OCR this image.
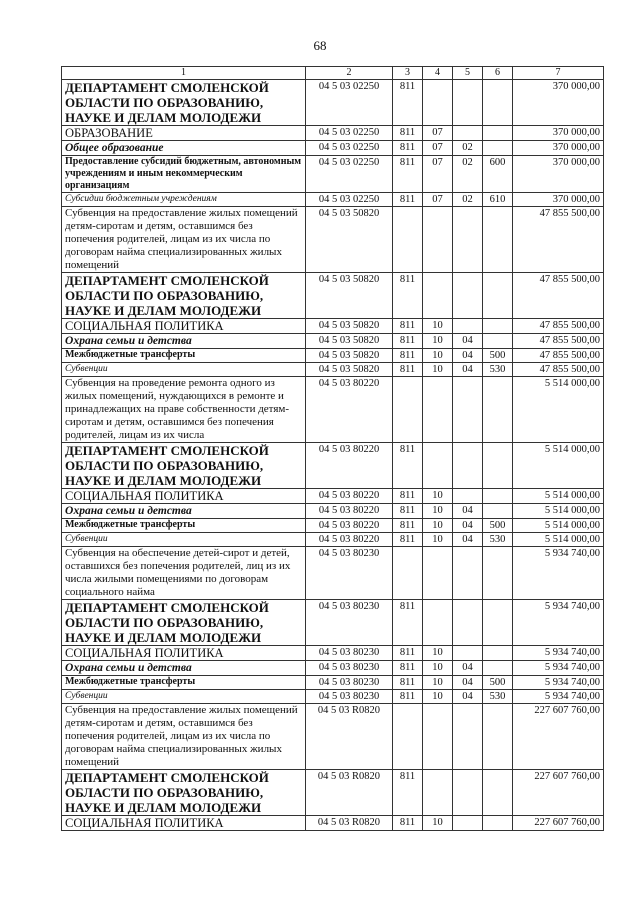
68
1	2	3	4	5	6	7
ДЕПАРТАМЕНТ СМОЛЕНСКОЙ ОБЛАСТИ ПО ОБРАЗОВАНИЮ, НАУКЕ И ДЕЛАМ МОЛОДЕЖИ	04 5 03 02250	811				370 000,00
ОБРАЗОВАНИЕ	04 5 03 02250	811	07			370 000,00
Общее образование	04 5 03 02250	811	07	02		370 000,00
Предоставление субсидий бюджетным, автономным учреждениям и иным некоммерческим организациям	04 5 03 02250	811	07	02	600	370 000,00
Субсидии бюджетным учреждениям	04 5 03 02250	811	07	02	610	370 000,00
Субвенция на предоставление жилых помещений детям-сиротам и детям, оставшимся без попечения родителей, лицам из их числа по договорам найма специализированных жилых помещений	04 5 03 50820					47 855 500,00
ДЕПАРТАМЕНТ СМОЛЕНСКОЙ ОБЛАСТИ ПО ОБРАЗОВАНИЮ, НАУКЕ И ДЕЛАМ МОЛОДЕЖИ	04 5 03 50820	811				47 855 500,00
СОЦИАЛЬНАЯ ПОЛИТИКА	04 5 03 50820	811	10			47 855 500,00
Охрана семьи и детства	04 5 03 50820	811	10	04		47 855 500,00
Межбюджетные трансферты	04 5 03 50820	811	10	04	500	47 855 500,00
Субвенции	04 5 03 50820	811	10	04	530	47 855 500,00
Субвенция на проведение ремонта одного из жилых помещений, нуждающихся в ремонте и принадлежащих на праве собственности детям-сиротам и детям, оставшимся без попечения родителей, лицам из их числа	04 5 03 80220					5 514 000,00
ДЕПАРТАМЕНТ СМОЛЕНСКОЙ ОБЛАСТИ ПО ОБРАЗОВАНИЮ, НАУКЕ И ДЕЛАМ МОЛОДЕЖИ	04 5 03 80220	811				5 514 000,00
СОЦИАЛЬНАЯ ПОЛИТИКА	04 5 03 80220	811	10			5 514 000,00
Охрана семьи и детства	04 5 03 80220	811	10	04		5 514 000,00
Межбюджетные трансферты	04 5 03 80220	811	10	04	500	5 514 000,00
Субвенции	04 5 03 80220	811	10	04	530	5 514 000,00
Субвенция на обеспечение детей-сирот и детей, оставшихся без попечения родителей, лиц из их числа жилыми помещениями по договорам социального найма	04 5 03 80230					5 934 740,00
ДЕПАРТАМЕНТ СМОЛЕНСКОЙ ОБЛАСТИ ПО ОБРАЗОВАНИЮ, НАУКЕ И ДЕЛАМ МОЛОДЕЖИ	04 5 03 80230	811				5 934 740,00
СОЦИАЛЬНАЯ ПОЛИТИКА	04 5 03 80230	811	10			5 934 740,00
Охрана семьи и детства	04 5 03 80230	811	10	04		5 934 740,00
Межбюджетные трансферты	04 5 03 80230	811	10	04	500	5 934 740,00
Субвенции	04 5 03 80230	811	10	04	530	5 934 740,00
Субвенция на предоставление жилых помещений детям-сиротам и детям, оставшимся без попечения родителей, лицам из их числа по договорам найма специализированных жилых помещений	04 5 03 R0820					227 607 760,00
ДЕПАРТАМЕНТ СМОЛЕНСКОЙ ОБЛАСТИ ПО ОБРАЗОВАНИЮ, НАУКЕ И ДЕЛАМ МОЛОДЕЖИ	04 5 03 R0820	811				227 607 760,00
СОЦИАЛЬНАЯ ПОЛИТИКА	04 5 03 R0820	811	10			227 607 760,00
